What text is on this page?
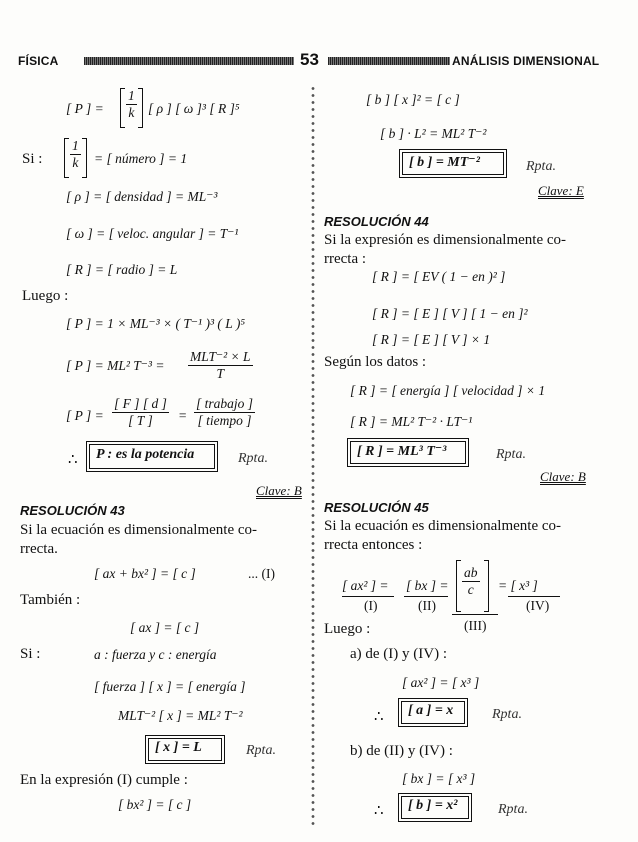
FÍSICA	53	ANÁLISIS DIMENSIONAL
[ P ] = $\frac{1}{k}$ [ ρ ] [ ω ]³ [ R ]⁵
Si : $\frac{1}{k}$ = [ número ] = 1
[ ρ ] = [ densidad ] = ML⁻³
[ ω ] = [ veloc. angular ] = T⁻¹
[ R ] = [ radio ] = L
Luego :
[ P ] = 1 × ML⁻³ × ( T⁻¹ )³ ( L )⁵
[ P ] = ML² $T^{-3} = \frac{\text{MLT⁻² × L}}{T}$
[ P ] = $\frac{[ F ] [ d ]}{[ T ]} = \frac{\text{[ trabajo ]}}{\text{[ tiempo ]}}$
∴	P : es la potencia	Rpta.
Clave: B
RESOLUCIÓN 43
Si la ecuación es dimensionalmente co-
rrecta.
[ ax + bx² ] = [ c ]	... (I)
También :
[ ax ] = [ c ]
Si :	a : fuerza y c : energía
[ fuerza ] [ x ] = [ energía ]
MLT⁻² [ x ] = ML² T⁻²
[ x ] = L	Rpta.
En la expresión (I) cumple :
[ bx² ] = [ c ]
[ b ] [ x ]² = [ c ]
[ b ] · L² = ML² T⁻²
[ b ] = MT⁻²	Rpta.
Clave: E
RESOLUCIÓN 44
Si la expresión es dimensionalmente co-
rrecta :
[ R ] = [ EV ( 1 − eᴨ )² ]
[ R ] = [ E ] [ V ] [ 1 − eᴨ ]²
[ R ] = [ E ] [ V ] × 1
Según los datos :
[ R ] = [ energía ] [ velocidad ] × 1
[ R ] = ML² T⁻² · LT⁻¹
[ R ] = ML³ T⁻³	Rpta.
Clave: B
RESOLUCIÓN 45
Si la ecuación es dimensionalmente co-
rrecta entonces :
[ ax² ] = [ bx ] = $\frac{ab}{c}$ = [ x³ ]
(I)	(II)
(III)
(IV)
Luego :
a) de (I) y (IV) :
[ ax² ] = [ x³ ]
∴	[ a ] = x	Rpta.
b) de (II) y (IV) :
[ bx ] = [ x³ ]
∴	[ b ] = x²	Rpta.
